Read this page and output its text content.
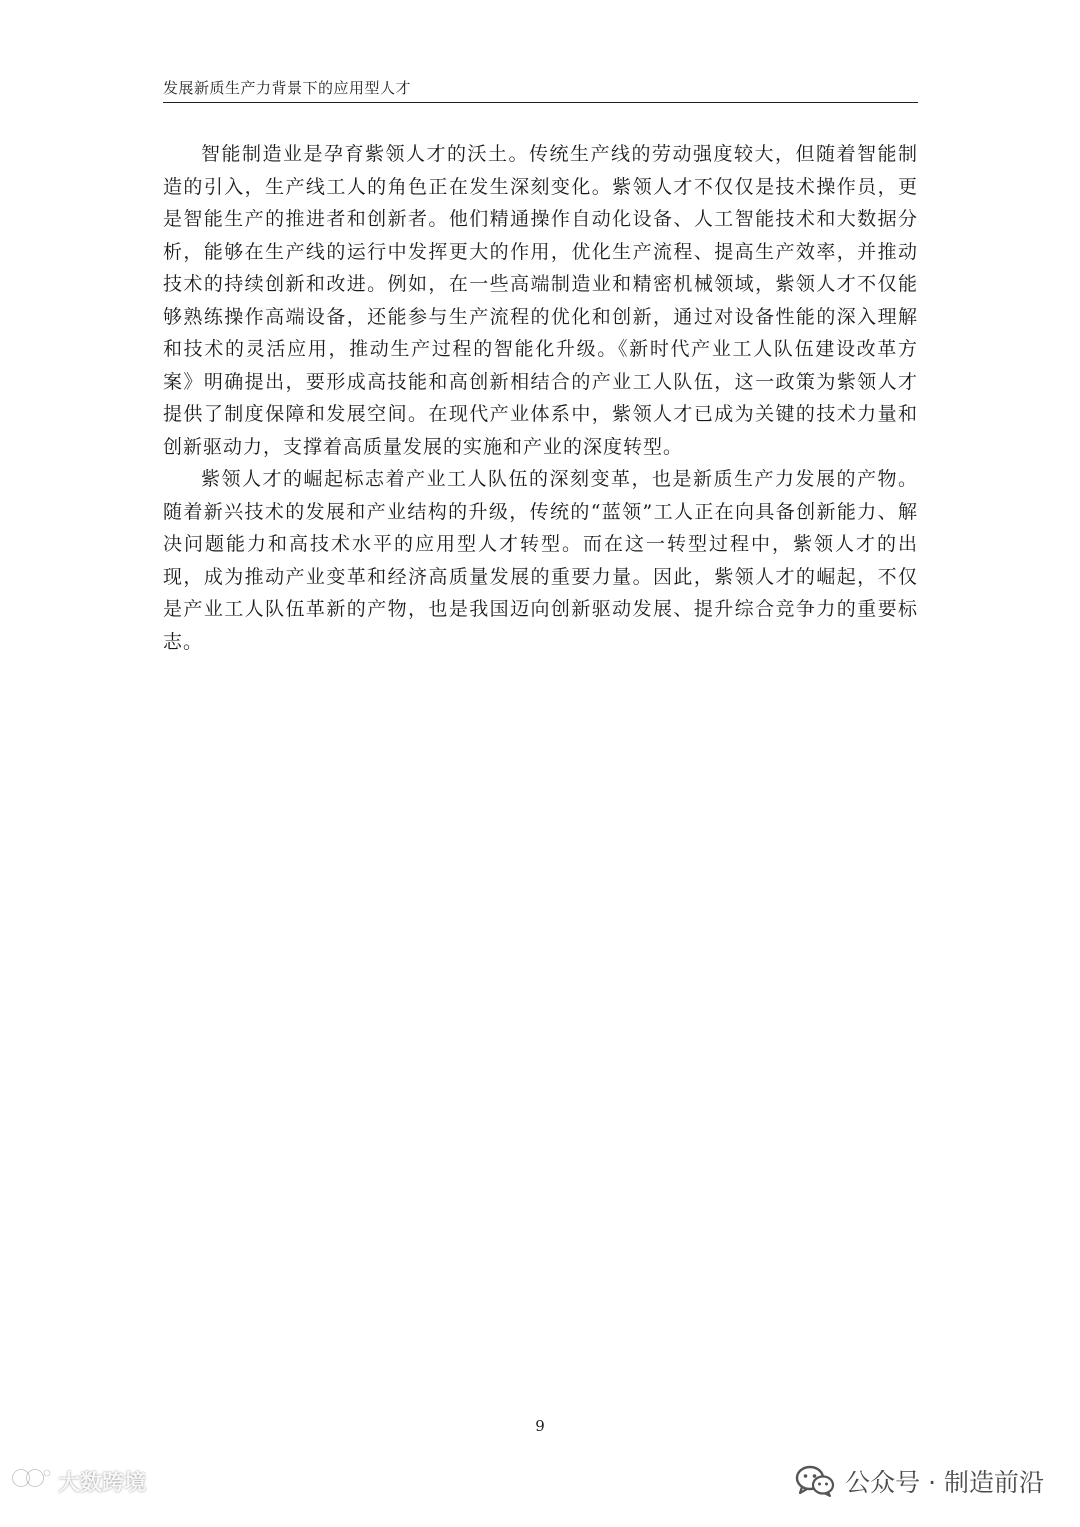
发展新质生产力背景下的应用型人才

智能制造业是孕育紫领人才的沃土。传统生产线的劳动强度较大，但随着智能制造的引入，生产线工人的角色正在发生深刻变化。紫领人才不仅仅是技术操作员，更是智能生产的推进者和创新者。他们精通操作自动化设备、人工智能技术和大数据分析，能够在生产线的运行中发挥更大的作用，优化生产流程、提高生产效率，并推动技术的持续创新和改进。例如，在一些高端制造业和精密机械领域，紫领人才不仅能够熟练操作高端设备，还能参与生产流程的优化和创新，通过对设备性能的深入理解和技术的灵活应用，推动生产过程的智能化升级。《新时代产业工人队伍建设改革方案》明确提出，要形成高技能和高创新相结合的产业工人队伍，这一政策为紫领人才提供了制度保障和发展空间。在现代产业体系中，紫领人才已成为关键的技术力量和创新驱动力，支撑着高质量发展的实施和产业的深度转型。

紫领人才的崛起标志着产业工人队伍的深刻变革，也是新质生产力发展的产物。随着新兴技术的发展和产业结构的升级，传统的“蓝领”工人正在向具备创新能力、解决问题能力和高技术水平的应用型人才转型。而在这一转型过程中，紫领人才的出现，成为推动产业变革和经济高质量发展的重要力量。因此，紫领人才的崛起，不仅是产业工人队伍革新的产物，也是我国迈向创新驱动发展、提升综合竞争力的重要标志。

9
大数跨境	公众号 · 制造前沿
